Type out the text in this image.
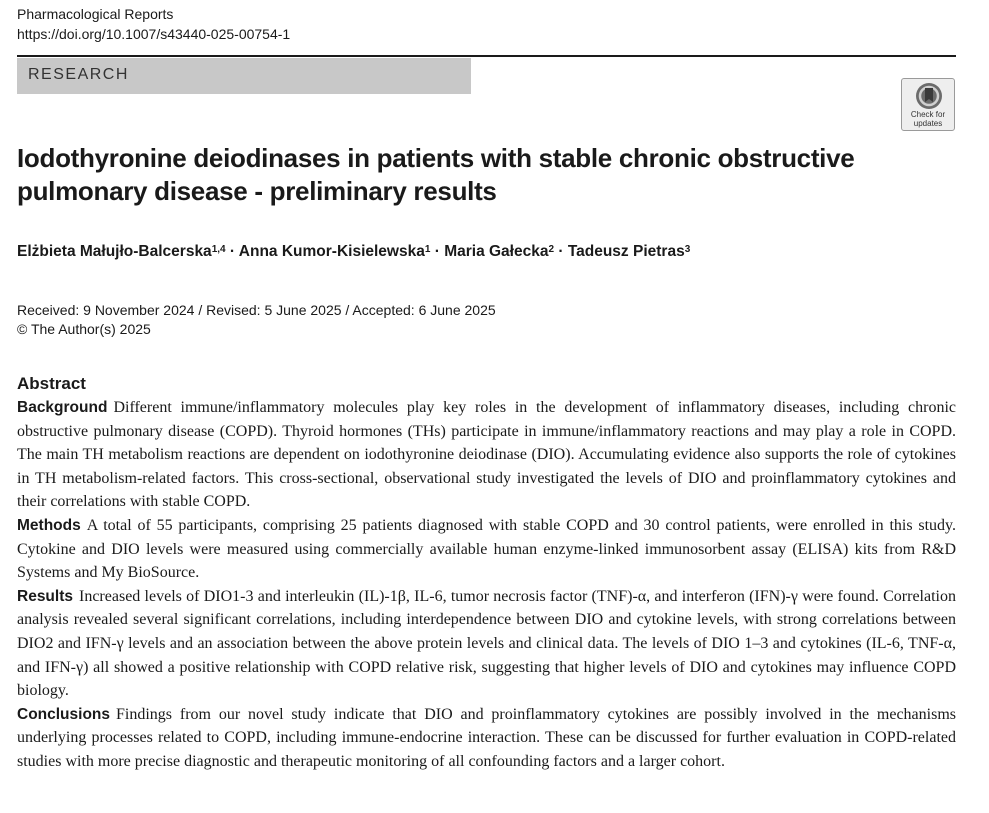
Pharmacological Reports
https://doi.org/10.1007/s43440-025-00754-1
RESEARCH
Check for
updates
Iodothyronine deiodinases in patients with stable chronic obstructive pulmonary disease - preliminary results
Elżbieta Małujło-Balcerska$^{1,4}$ · Anna Kumor-Kisielewska$^1$ · Maria Gałecka$^2$ · Tadeusz Pietras$^3$
Received: 9 November 2024 / Revised: 5 June 2025 / Accepted: 6 June 2025
© The Author(s) 2025
Abstract

Background Different immune/inflammatory molecules play key roles in the development of inflammatory diseases, including chronic obstructive pulmonary disease (COPD). Thyroid hormones (THs) participate in immune/inflammatory reactions and may play a role in COPD. The main TH metabolism reactions are dependent on iodothyronine deiodinase (DIO). Accumulating evidence also supports the role of cytokines in TH metabolism-related factors. This cross-sectional, observational study investigated the levels of DIO and proinflammatory cytokines and their correlations with stable COPD.

Methods A total of 55 participants, comprising 25 patients diagnosed with stable COPD and 30 control patients, were enrolled in this study. Cytokine and DIO levels were measured using commercially available human enzyme-linked immunosorbent assay (ELISA) kits from R&D Systems and My BioSource.

Results Increased levels of DIO1-3 and interleukin (IL)-1β, IL-6, tumor necrosis factor (TNF)-α, and interferon (IFN)-γ were found. Correlation analysis revealed several significant correlations, including interdependence between DIO and cytokine levels, with strong correlations between DIO2 and IFN-γ levels and an association between the above protein levels and clinical data. The levels of DIO 1–3 and cytokines (IL-6, TNF-α, and IFN-γ) all showed a positive relationship with COPD relative risk, suggesting that higher levels of DIO and cytokines may influence COPD biology.

Conclusions Findings from our novel study indicate that DIO and proinflammatory cytokines are possibly involved in the mechanisms underlying processes related to COPD, including immune-endocrine interaction. These can be discussed for further evaluation in COPD-related studies with more precise diagnostic and therapeutic monitoring of all confounding factors and a larger cohort.
